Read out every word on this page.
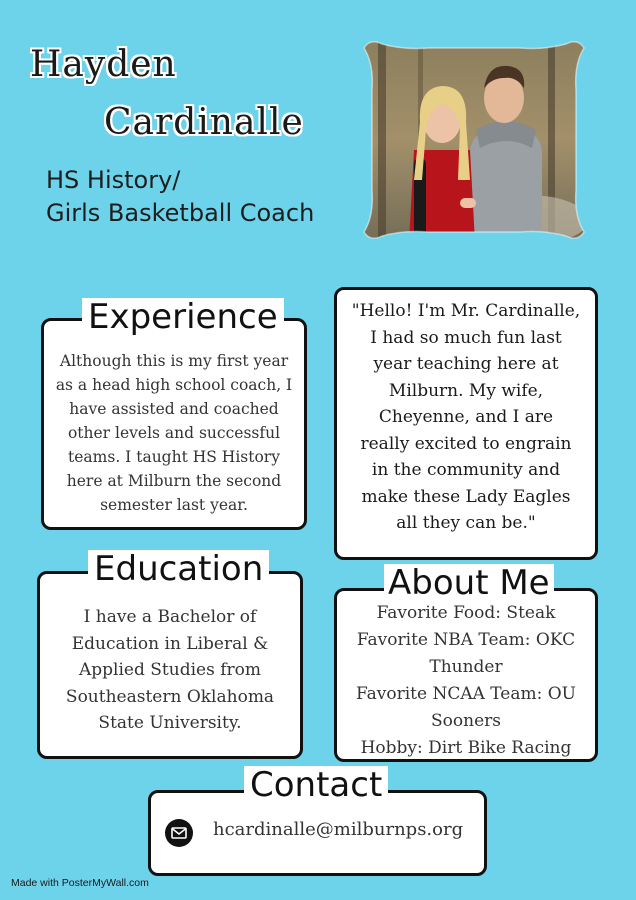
Hayden
Cardinalle
HS History/
Girls Basketball Coach
Although this is my first year
as a head high school coach, I
have assisted and coached
other levels and successful
teams. I taught HS History
here at Milburn the second
semester last year.
Experience	"Hello! I'm Mr. Cardinalle,
I had so much fun last
year teaching here at
Milburn. My wife,
Cheyenne, and I are
really excited to engrain
in the community and
make these Lady Eagles
all they can be."
I have a Bachelor of
Education in Liberal &
Applied Studies from
Southeastern Oklahoma
State University.
Education
Favorite Food: Steak
Favorite NBA Team: OKC
Thunder
Favorite NCAA Team: OU
Sooners
Hobby: Dirt Bike Racing
About Me
Contact
hcardinalle@milburnps.org
Made with PosterMyWall.com
